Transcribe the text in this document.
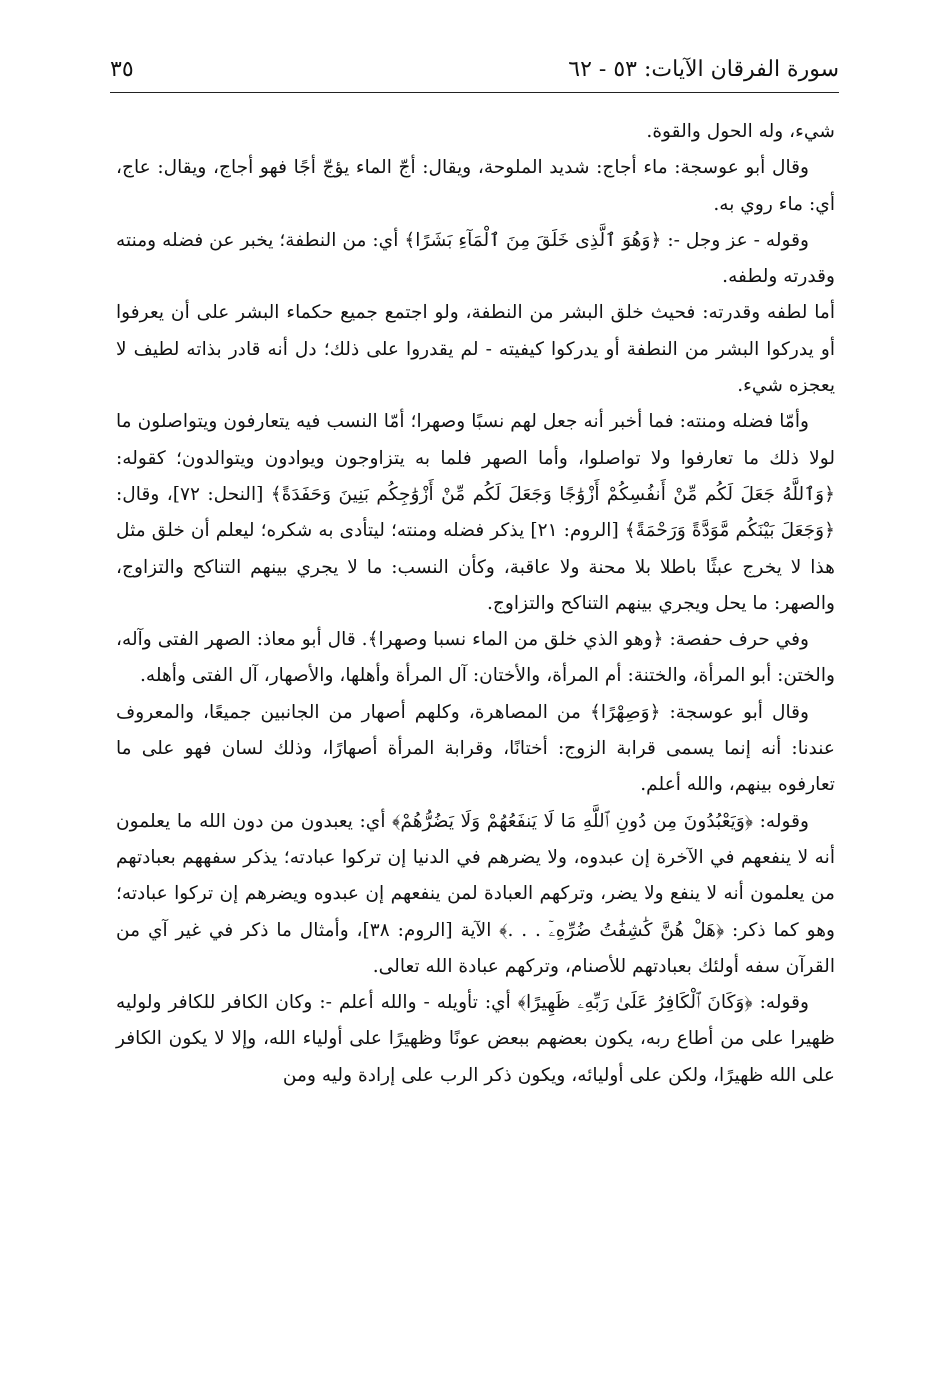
سورة الفرقان الآيات: ٥٣ - ٦٢
٣٥

شيء، وله الحول والقوة.

وقال أبو عوسجة: ماء أجاج: شديد الملوحة، ويقال: أجّ الماء يؤجّ أجًا فهو أجاج، ويقال: عاج، أي: ماء روي به.

وقوله - عز وجل -: ﴿وَهُوَ ٱلَّذِى خَلَقَ مِنَ ٱلْمَآءِ بَشَرًا﴾ أي: من النطفة؛ يخبر عن فضله ومنته وقدرته ولطفه.

أما لطفه وقدرته: فحيث خلق البشر من النطفة، ولو اجتمع جميع حكماء البشر على أن يعرفوا أو يدركوا البشر من النطفة أو يدركوا كيفيته - لم يقدروا على ذلك؛ دل أنه قادر بذاته لطيف لا يعجزه شيء.

وأمّا فضله ومنته: فما أخبر أنه جعل لهم نسبًا وصهرا؛ أمّا النسب فيه يتعارفون ويتواصلون ما لولا ذلك ما تعارفوا ولا تواصلوا، وأما الصهر فلما به يتزاوجون ويوادون ويتوالدون؛ كقوله: ﴿وَٱللَّهُ جَعَلَ لَكُم مِّنْ أَنفُسِكُمْ أَزْوَٰجًا وَجَعَلَ لَكُم مِّنْ أَزْوَٰجِكُم بَنِينَ وَحَفَدَةً﴾ [النحل: ٧٢]، وقال: ﴿وَجَعَلَ بَيْنَكُم مَّوَدَّةً وَرَحْمَةً﴾ [الروم: ٢١] يذكر فضله ومنته؛ ليتأدى به شكره؛ ليعلم أن خلق مثل هذا لا يخرج عبثًا باطلا بلا محنة ولا عاقبة، وكأن النسب: ما لا يجري بينهم التناكح والتزاوج، والصهر: ما يحل ويجري بينهم التناكح والتزاوج.

وفي حرف حفصة: ﴿وهو الذي خلق من الماء نسبا وصهرا﴾. قال أبو معاذ: الصهر الفتى وآله، والختن: أبو المرأة، والختنة: أم المرأة، والأختان: آل المرأة وأهلها، والأصهار، آل الفتى وأهله.

وقال أبو عوسجة: ﴿وَصِهْرًا﴾ من المصاهرة، وكلهم أصهار من الجانبين جميعًا، والمعروف عندنا: أنه إنما يسمى قرابة الزوج: أختانًا، وقرابة المرأة أصهارًا، وذلك لسان فهو على ما تعارفوه بينهم، والله أعلم.

وقوله: ﴿وَيَعْبُدُونَ مِن دُونِ ٱللَّهِ مَا لَا يَنفَعُهُمْ وَلَا يَضُرُّهُمْ﴾ أي: يعبدون من دون الله ما يعلمون أنه لا ينفعهم في الآخرة إن عبدوه، ولا يضرهم في الدنيا إن تركوا عبادته؛ يذكر سفههم بعبادتهم من يعلمون أنه لا ينفع ولا يضر، وتركهم العبادة لمن ينفعهم إن عبدوه ويضرهم إن تركوا عبادته؛ وهو كما ذكر: ﴿هَلْ هُنَّ كَٰشِفَٰتُ ضُرِّهِۦٓ . . .﴾ الآية [الروم: ٣٨]، وأمثال ما ذكر في غير آي من القرآن سفه أولئك بعبادتهم للأصنام، وتركهم عبادة الله تعالى.

وقوله: ﴿وَكَانَ ٱلْكَافِرُ عَلَىٰ رَبِّهِۦ ظَهِيرًا﴾ أي: تأويله - والله أعلم -: وكان الكافر للكافر ولوليه ظهيرا على من أطاع ربه، يكون بعضهم ببعض عونًا وظهيرًا على أولياء الله، وإلا لا يكون الكافر على الله ظهيرًا، ولكن على أوليائه، ويكون ذكر الرب على إرادة وليه ومن
